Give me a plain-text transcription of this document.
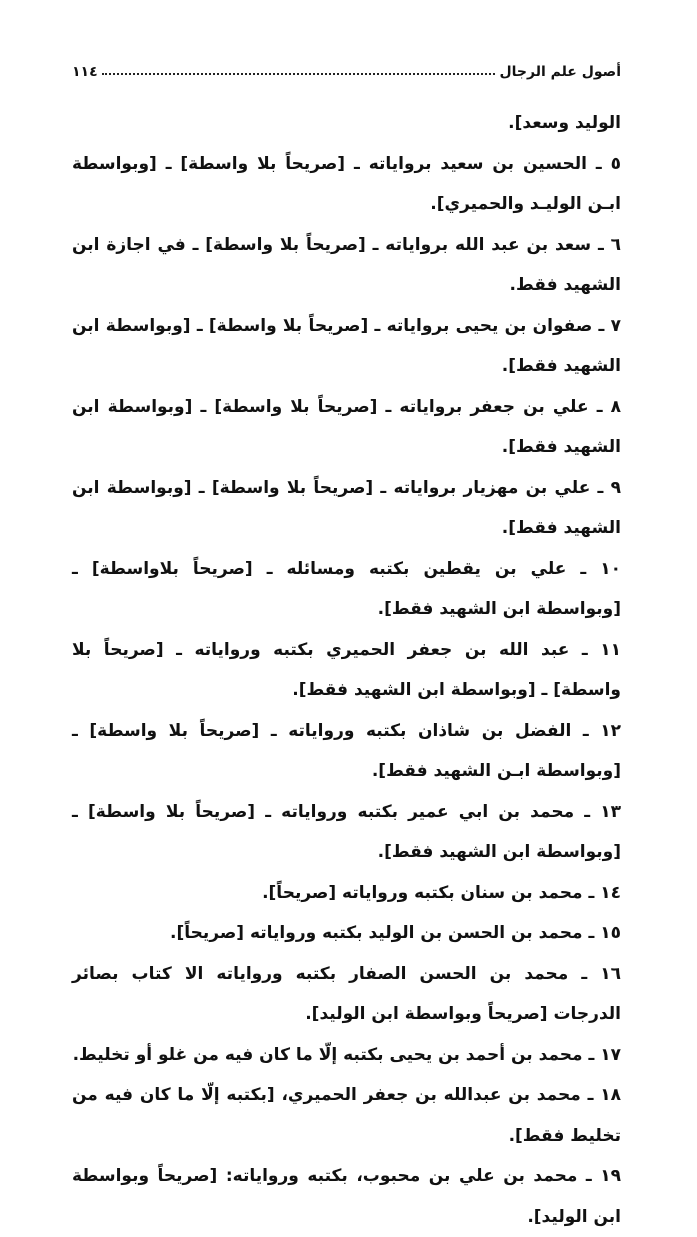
أصول علم الرجال
١١٤

الوليد وسعد].

٥ ـ الحسين بن سعيد برواياته ـ [صريحاً بلا واسطة] ـ [وبواسطة ابـن الوليـد والحميري].

٦ ـ سعد بن عبد الله برواياته ـ [صريحاً بلا واسطة] ـ في اجازة ابن الشهيد فقط.

٧ ـ صفوان بن يحيى برواياته ـ [صريحاً بلا واسطة] ـ [وبواسطة ابن الشهيد فقط].

٨ ـ علي بن جعفر برواياته ـ [صريحاً بلا واسطة] ـ [وبواسطة ابن الشهيد فقط].

٩ ـ علي بن مهزيار برواياته ـ [صريحاً بلا واسطة] ـ [وبواسطة ابن الشهيد فقط].

١٠ ـ علي بن يقطين بكتبه ومسائله ـ [صريحاً بلاواسطة] ـ [وبواسطة ابن الشهيد فقط].

١١ ـ عبد الله بن جعفر الحميري بكتبه ورواياته ـ [صريحاً بلا واسطة] ـ [وبواسطة ابن الشهيد فقط].

١٢ ـ الفضل بن شاذان بكتبه ورواياته ـ [صريحاً بلا واسطة] ـ [وبواسطة ابـن الشهيد فقط].

١٣ ـ محمد بن ابي عمير بكتبه ورواياته ـ [صريحاً بلا واسطة] ـ [وبواسطة ابن الشهيد فقط].

١٤ ـ محمد بن سنان بكتبه ورواياته [صريحاً].

١٥ ـ محمد بن الحسن بن الوليد بكتبه ورواياته [صريحاً].

١٦ ـ محمد بن الحسن الصفار بكتبه ورواياته الا كتاب بصائر الدرجات [صريحاً وبواسطة ابن الوليد].

١٧ ـ محمد بن أحمد بن يحيى بكتبه إلّا ما كان فيه من غلو أو تخليط.

١٨ ـ محمد بن عبدالله بن جعفر الحميري، [بكتبه إلّا ما كان فيه من تخليط فقط].

١٩ ـ محمد بن علي بن محبوب، بكتبه ورواياته: [صريحاً وبواسطة ابن الوليد].
